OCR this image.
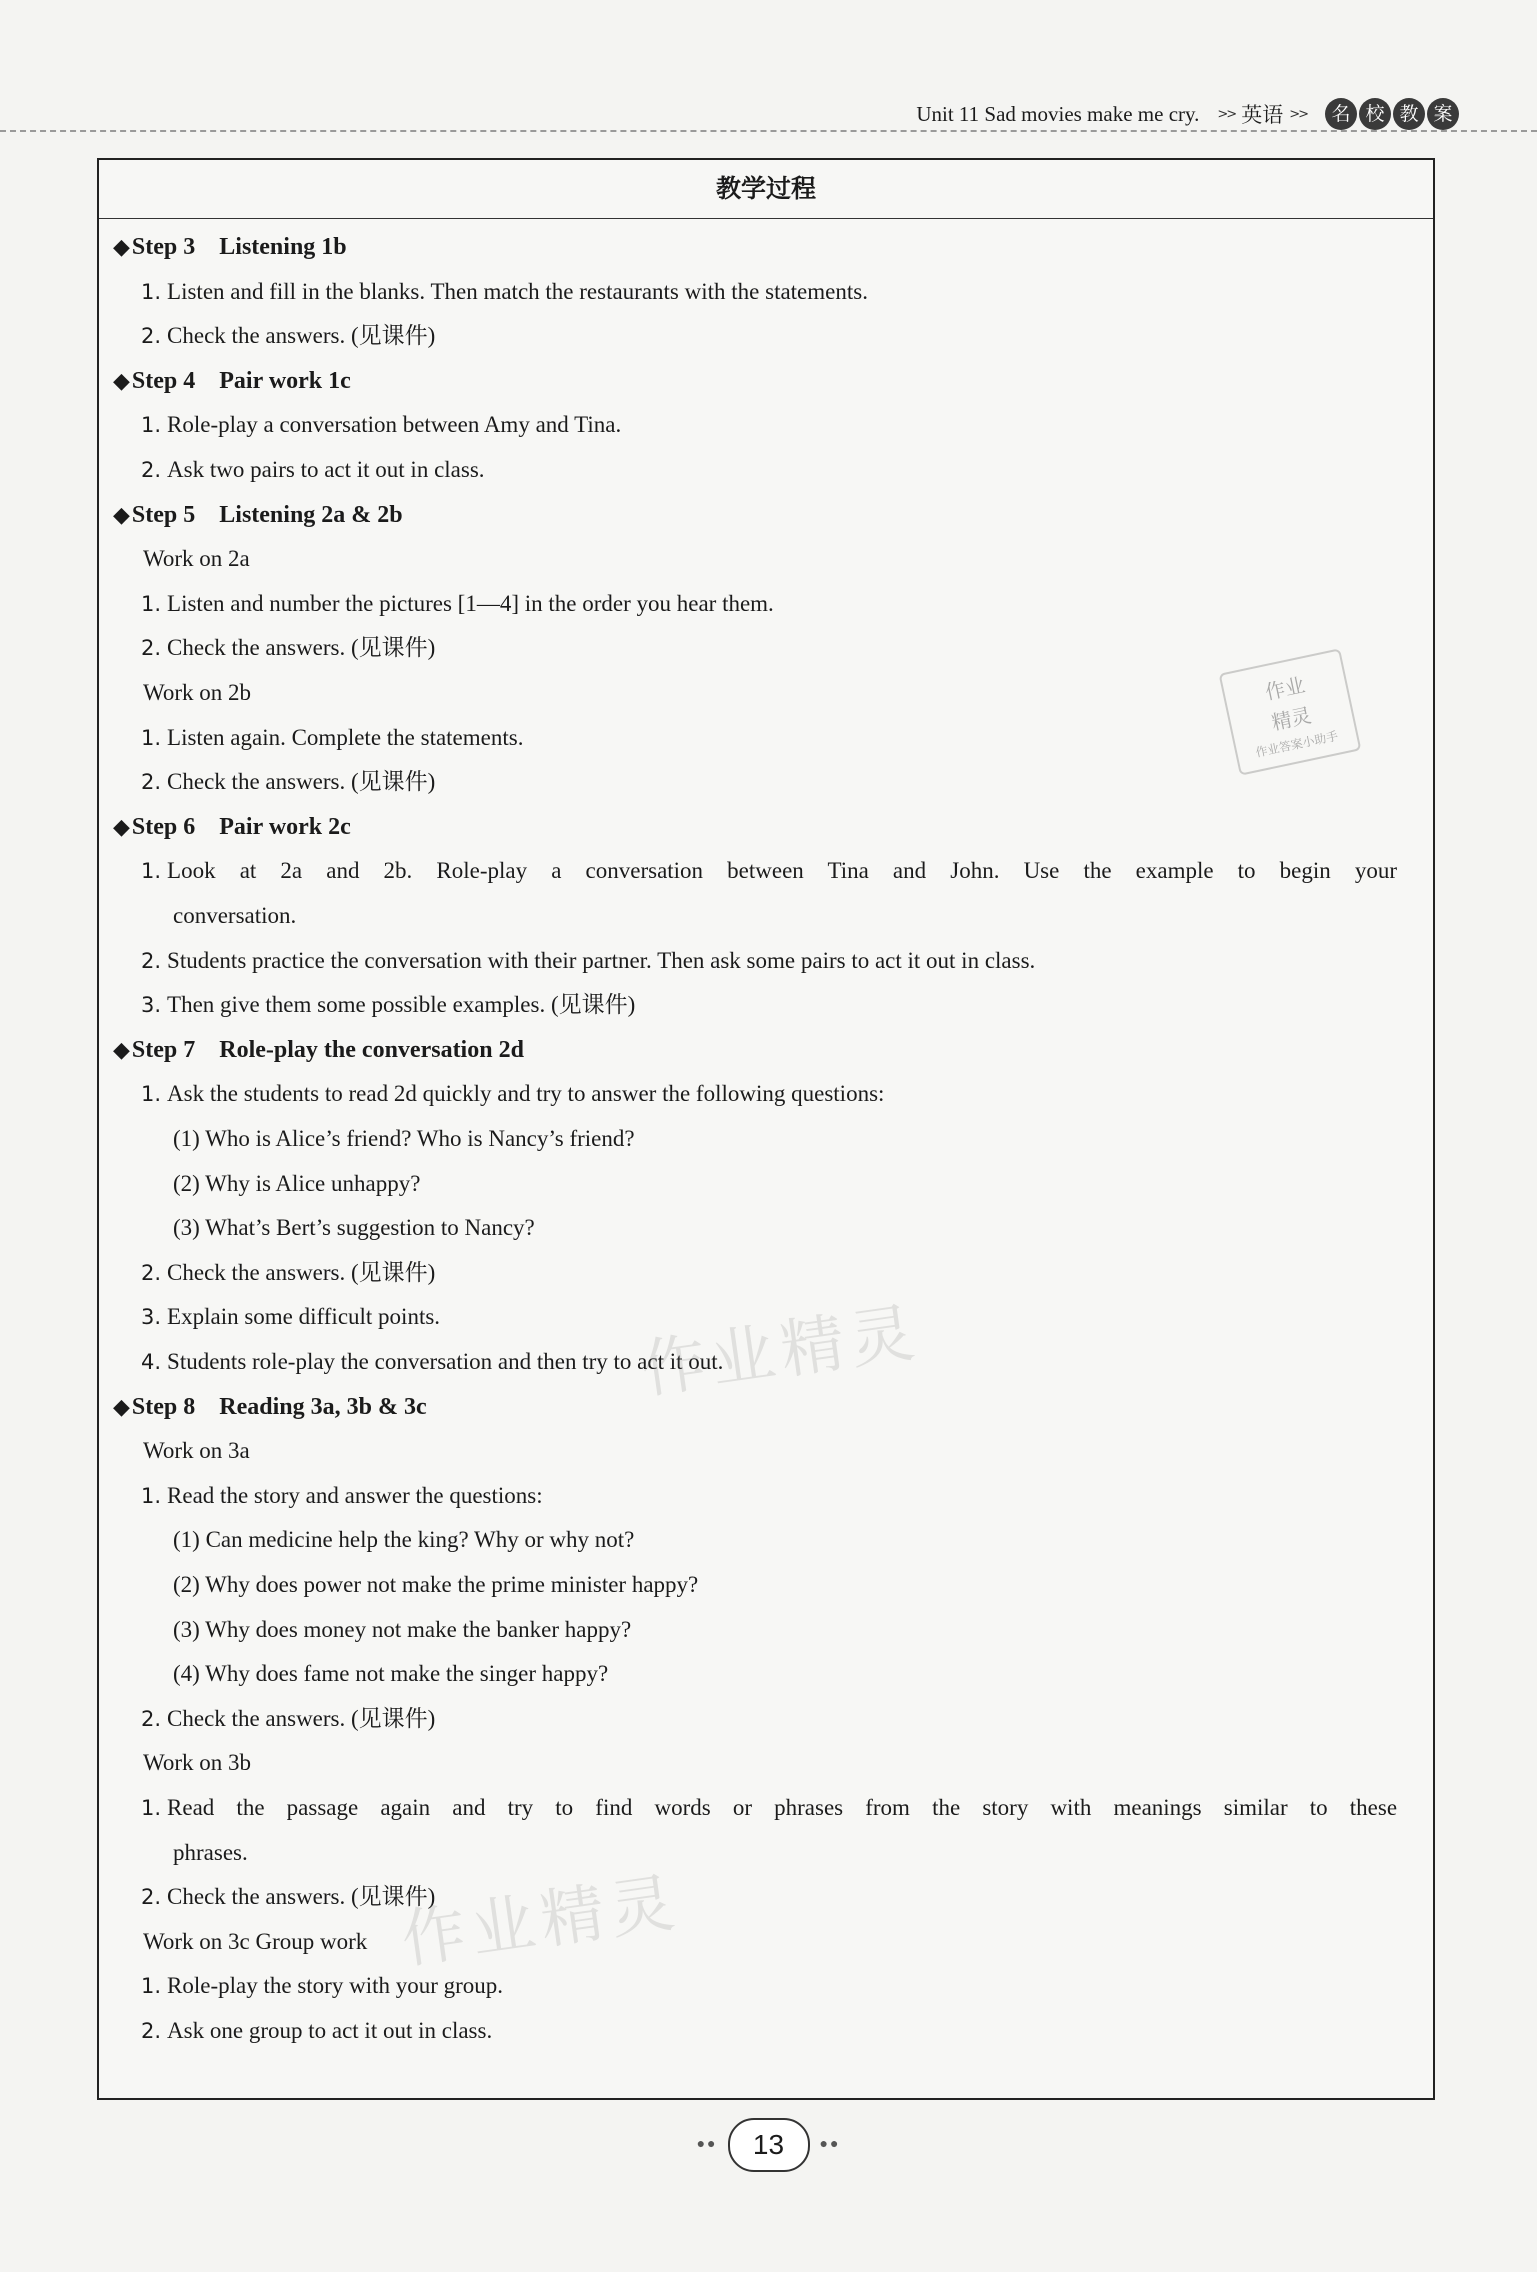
Unit 11 Sad movies make me cry. >> 英语 >>	名 校 教 案
教学过程
◆Step 3 Listening 1b
1. Listen and fill in the blanks. Then match the restaurants with the statements.
2. Check the answers. (见课件)
◆Step 4 Pair work 1c
1. Role-play a conversation between Amy and Tina.
2. Ask two pairs to act it out in class.
◆Step 5 Listening 2a & 2b
Work on 2a
1. Listen and number the pictures [1—4] in the order you hear them.
2. Check the answers. (见课件)
Work on 2b
1. Listen again. Complete the statements.
2. Check the answers. (见课件)
◆Step 6 Pair work 2c
1. Look at 2a and 2b. Role-play a conversation between Tina and John. Use the example to begin your
conversation.
2. Students practice the conversation with their partner. Then ask some pairs to act it out in class.
3. Then give them some possible examples. (见课件)
◆Step 7 Role-play the conversation 2d
1. Ask the students to read 2d quickly and try to answer the following questions:
(1) Who is Alice’s friend? Who is Nancy’s friend?
(2) Why is Alice unhappy?
(3) What’s Bert’s suggestion to Nancy?
2. Check the answers. (见课件)
3. Explain some difficult points.
4. Students role-play the conversation and then try to act it out.
◆Step 8 Reading 3a, 3b & 3c
Work on 3a
1. Read the story and answer the questions:
(1) Can medicine help the king? Why or why not?
(2) Why does power not make the prime minister happy?
(3) Why does money not make the banker happy?
(4) Why does fame not make the singer happy?
2. Check the answers. (见课件)
Work on 3b
1. Read the passage again and try to find words or phrases from the story with meanings similar to these
phrases.
2. Check the answers. (见课件)
Work on 3c Group work
1. Role-play the story with your group.
2. Ask one group to act it out in class.
作业
精灵
作业答案小助手
●●	13	●●
